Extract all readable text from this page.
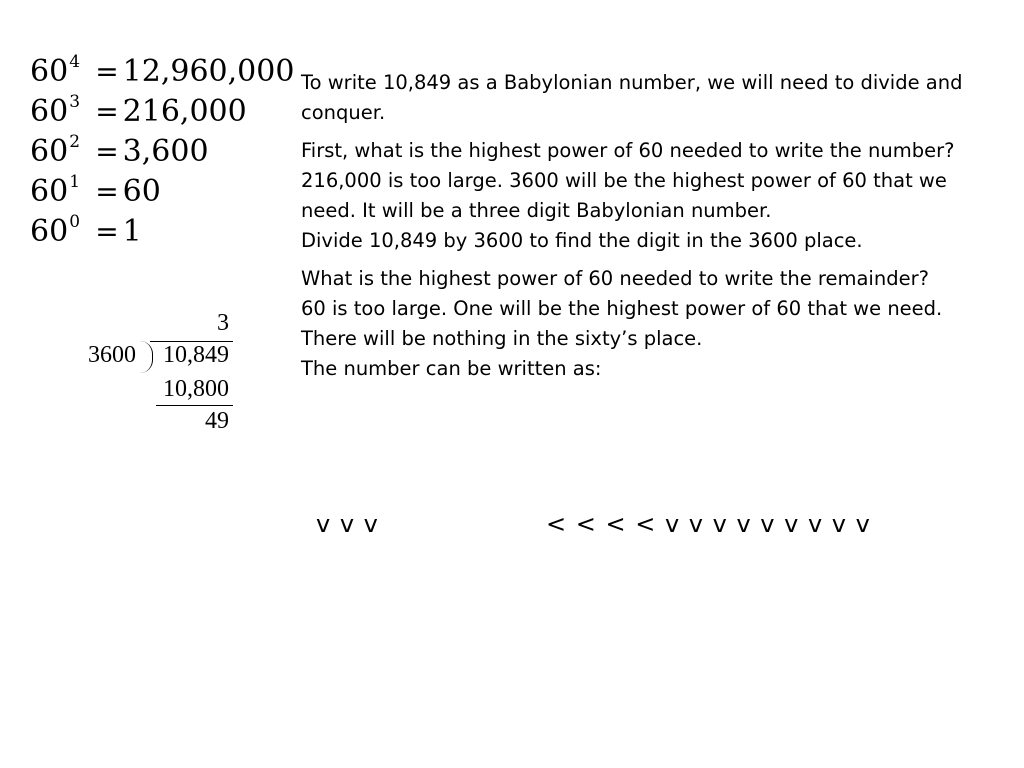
60 4 = 12,960,000
60 3 = 216,000
60 2 = 3,600
60 1 = 60
60 0 = 1
3
3600 10,849
10,800
49

To write 10,849 as a Babylonian number, we will need to divide and conquer.

First, what is the highest power of 60 needed to write the number?

216,000 is too large. 3600 will be the highest power of 60 that we need. It will be a three digit Babylonian number.

Divide 10,849 by 3600 to find the digit in the 3600 place.

What is the highest power of 60 needed to write the remainder?

60 is too large. One will be the highest power of 60 that we need. There will be nothing in the sixty’s place.

The number can be written as:

v v v	< < < < v v v v v v v v v
